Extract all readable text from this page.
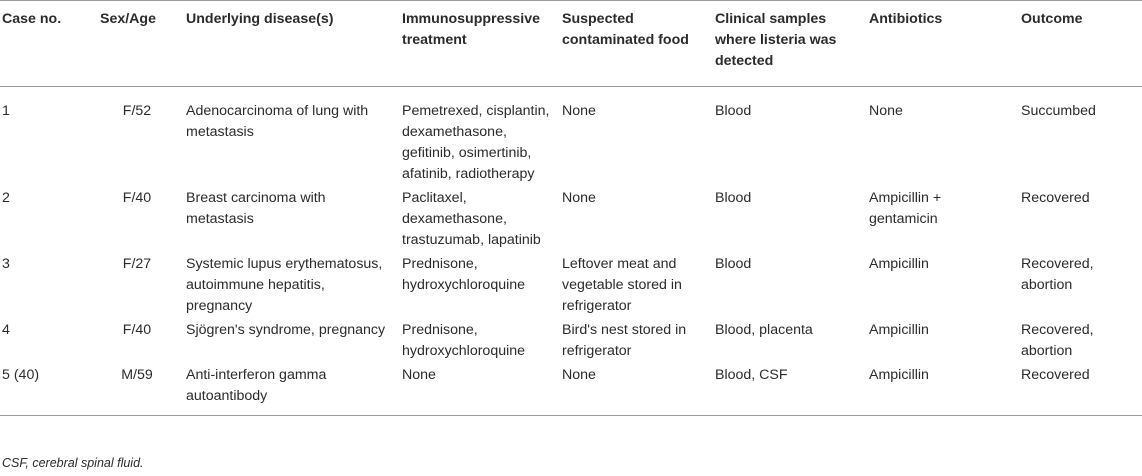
Case no.	Sex/Age	Underlying disease(s)	Immunosuppressive treatment	Suspected contaminated food	Clinical samples where listeria was detected	Antibiotics	Outcome
1	F/52	Adenocarcinoma of lung with metastasis	Pemetrexed, cisplantin, dexamethasone, gefitinib, osimertinib, afatinib, radiotherapy	None	Blood	None	Succumbed
2	F/40	Breast carcinoma with metastasis	Paclitaxel, dexamethasone, trastuzumab, lapatinib	None	Blood	Ampicillin + gentamicin	Recovered
3	F/27	Systemic lupus erythematosus, autoimmune hepatitis, pregnancy	Prednisone, hydroxychloroquine	Leftover meat and vegetable stored in refrigerator	Blood	Ampicillin	Recovered, abortion
4	F/40	Sjögren's syndrome, pregnancy	Prednisone, hydroxychloroquine	Bird's nest stored in refrigerator	Blood, placenta	Ampicillin	Recovered, abortion
5 (40)	M/59	Anti-interferon gamma autoantibody	None	None	Blood, CSF	Ampicillin	Recovered
CSF, cerebral spinal fluid.
